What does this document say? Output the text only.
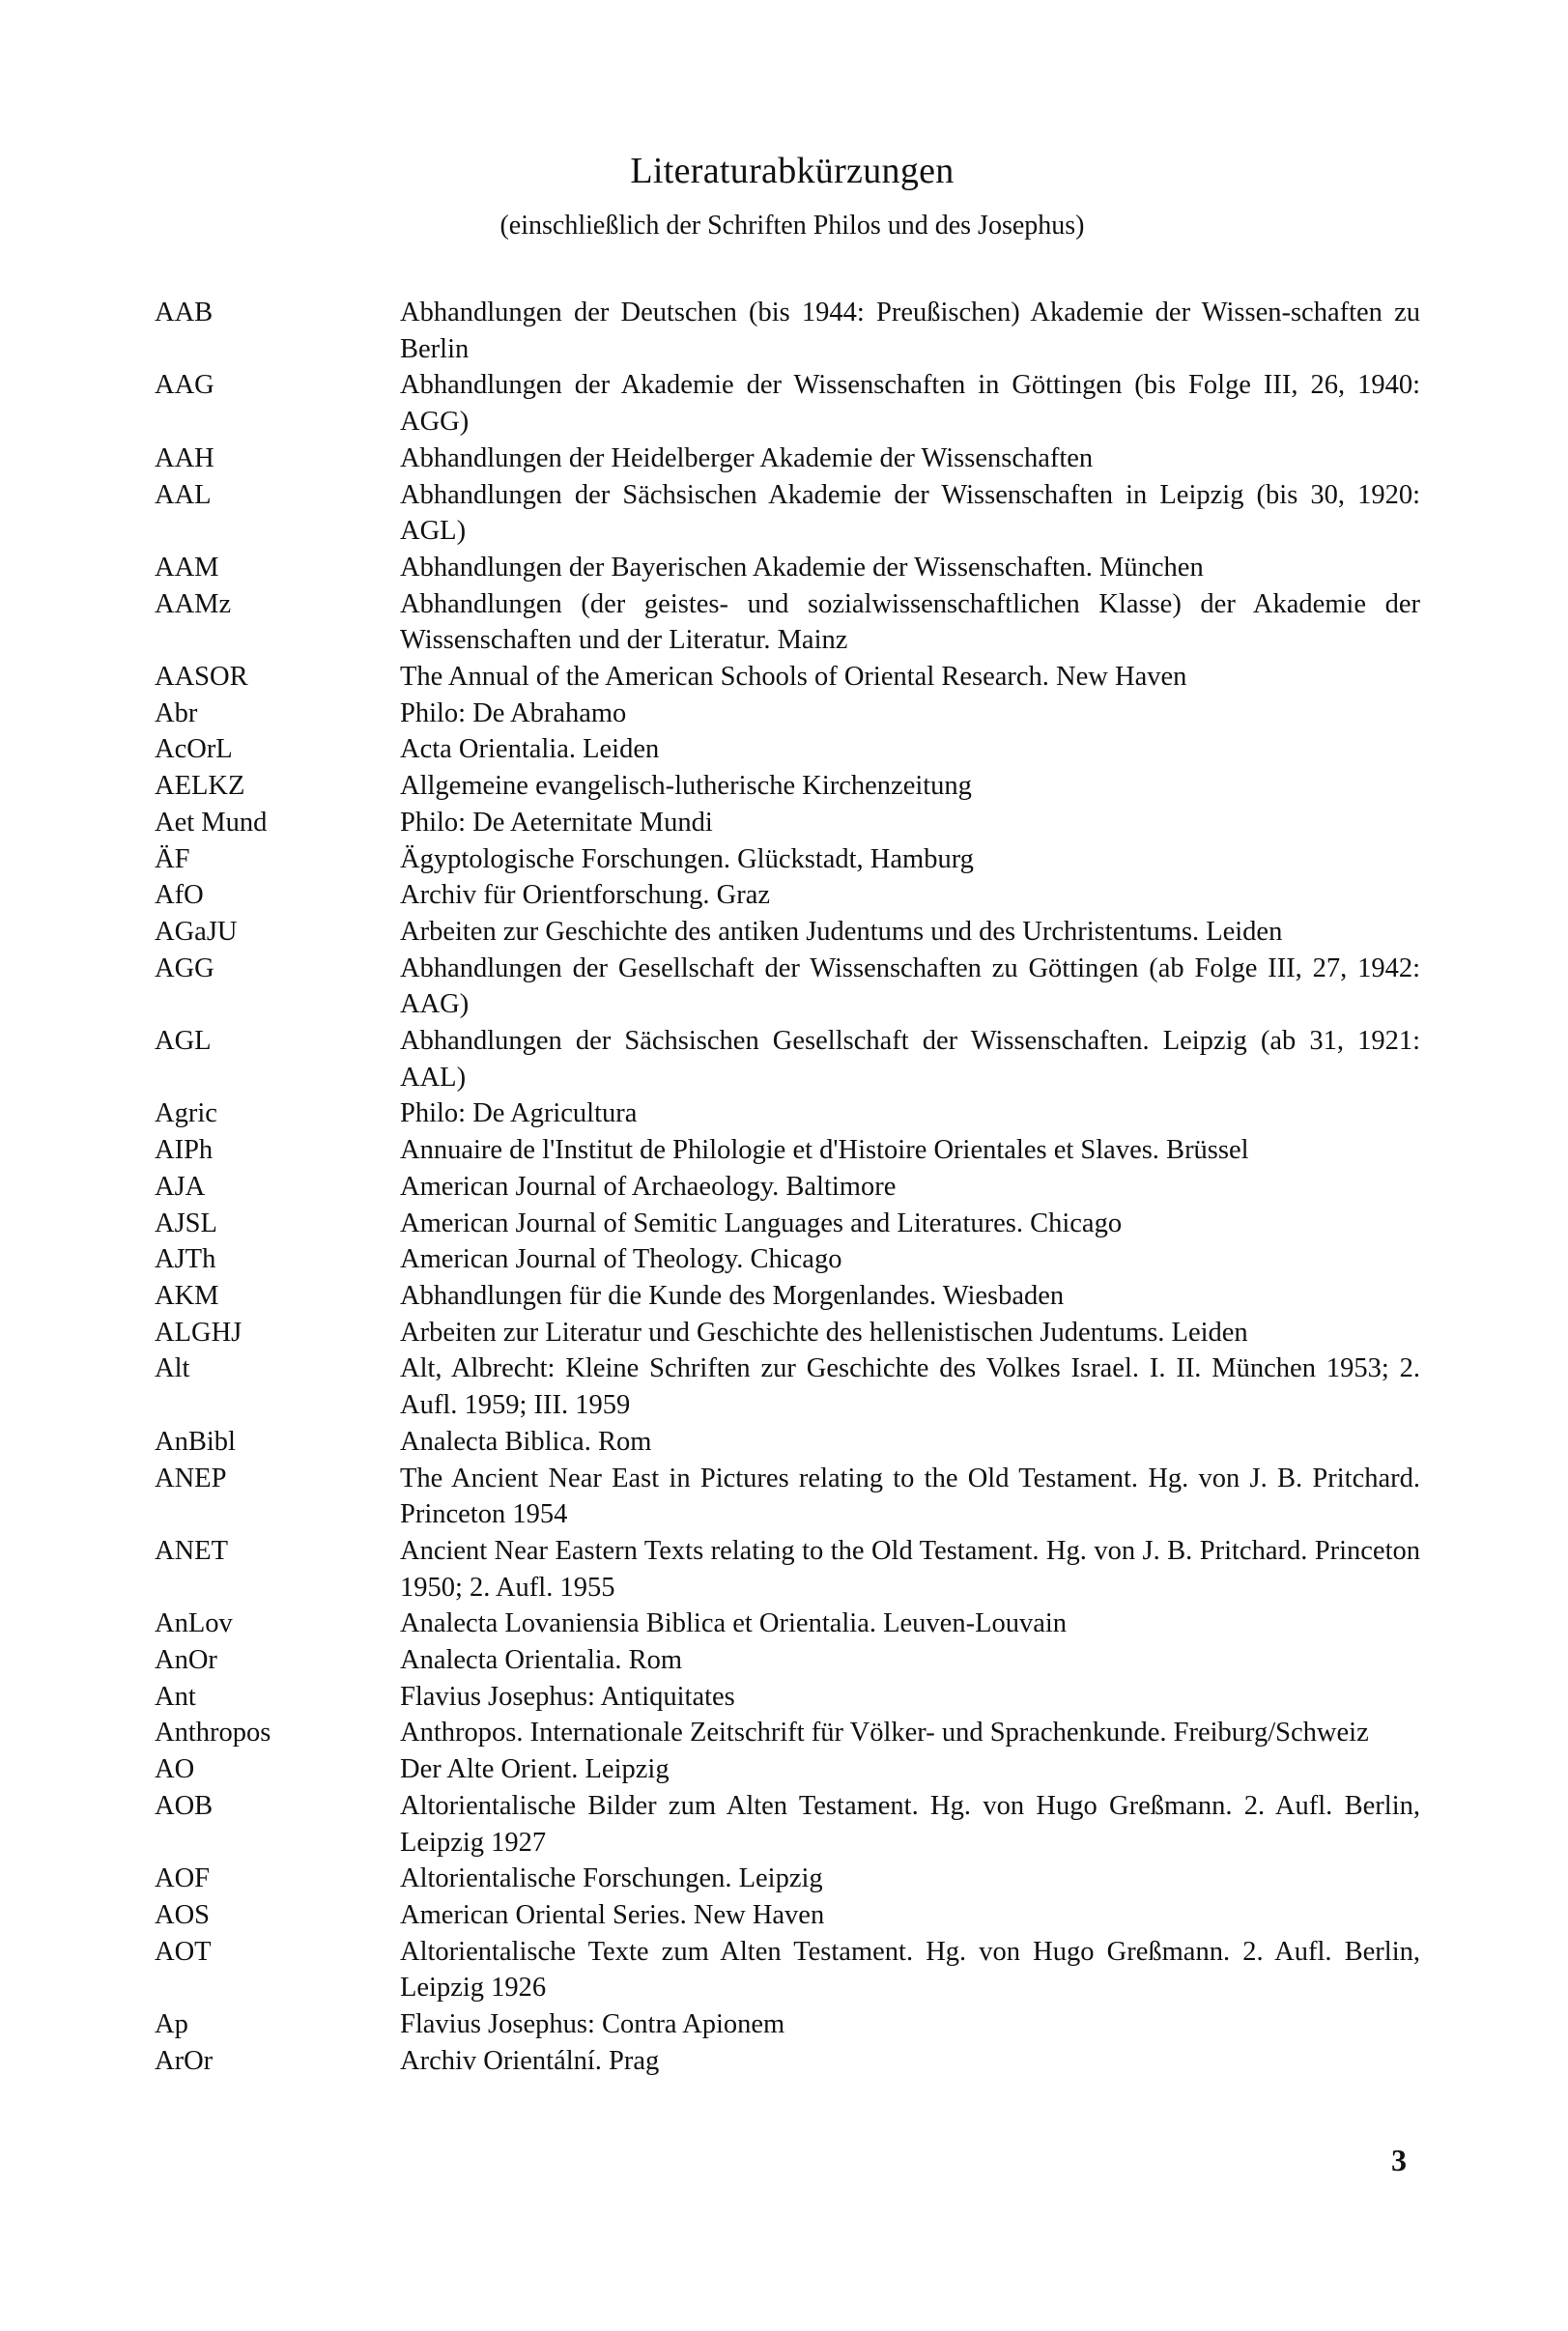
Literaturabkürzungen
(einschließlich der Schriften Philos und des Josephus)
AAB	Abhandlungen der Deutschen (bis 1944: Preußischen) Akademie der Wissen-schaften zu Berlin
AAG	Abhandlungen der Akademie der Wissenschaften in Göttingen (bis Folge III, 26, 1940: AGG)
AAH	Abhandlungen der Heidelberger Akademie der Wissenschaften
AAL	Abhandlungen der Sächsischen Akademie der Wissenschaften in Leipzig (bis 30, 1920: AGL)
AAM	Abhandlungen der Bayerischen Akademie der Wissenschaften. München
AAMz	Abhandlungen (der geistes- und sozialwissenschaftlichen Klasse) der Akademie der Wissenschaften und der Literatur. Mainz
AASOR	The Annual of the American Schools of Oriental Research. New Haven
Abr	Philo: De Abrahamo
AcOrL	Acta Orientalia. Leiden
AELKZ	Allgemeine evangelisch-lutherische Kirchenzeitung
Aet Mund	Philo: De Aeternitate Mundi
ÄF	Ägyptologische Forschungen. Glückstadt, Hamburg
AfO	Archiv für Orientforschung. Graz
AGaJU	Arbeiten zur Geschichte des antiken Judentums und des Urchristentums. Leiden
AGG	Abhandlungen der Gesellschaft der Wissenschaften zu Göttingen (ab Folge III, 27, 1942: AAG)
AGL	Abhandlungen der Sächsischen Gesellschaft der Wissenschaften. Leipzig (ab 31, 1921: AAL)
Agric	Philo: De Agricultura
AIPh	Annuaire de l'Institut de Philologie et d'Histoire Orientales et Slaves. Brüssel
AJA	American Journal of Archaeology. Baltimore
AJSL	American Journal of Semitic Languages and Literatures. Chicago
AJTh	American Journal of Theology. Chicago
AKM	Abhandlungen für die Kunde des Morgenlandes. Wiesbaden
ALGHJ	Arbeiten zur Literatur und Geschichte des hellenistischen Judentums. Leiden
Alt	Alt, Albrecht: Kleine Schriften zur Geschichte des Volkes Israel. I. II. München 1953; 2. Aufl. 1959; III. 1959
AnBibl	Analecta Biblica. Rom
ANEP	The Ancient Near East in Pictures relating to the Old Testament. Hg. von J. B. Pritchard. Princeton 1954
ANET	Ancient Near Eastern Texts relating to the Old Testament. Hg. von J. B. Pritchard. Princeton 1950; 2. Aufl. 1955
AnLov	Analecta Lovaniensia Biblica et Orientalia. Leuven-Louvain
AnOr	Analecta Orientalia. Rom
Ant	Flavius Josephus: Antiquitates
Anthropos	Anthropos. Internationale Zeitschrift für Völker- und Sprachenkunde. Freiburg/Schweiz
AO	Der Alte Orient. Leipzig
AOB	Altorientalische Bilder zum Alten Testament. Hg. von Hugo Greßmann. 2. Aufl. Berlin, Leipzig 1927
AOF	Altorientalische Forschungen. Leipzig
AOS	American Oriental Series. New Haven
AOT	Altorientalische Texte zum Alten Testament. Hg. von Hugo Greßmann. 2. Aufl. Berlin, Leipzig 1926
Ap	Flavius Josephus: Contra Apionem
ArOr	Archiv Orientální. Prag
3
